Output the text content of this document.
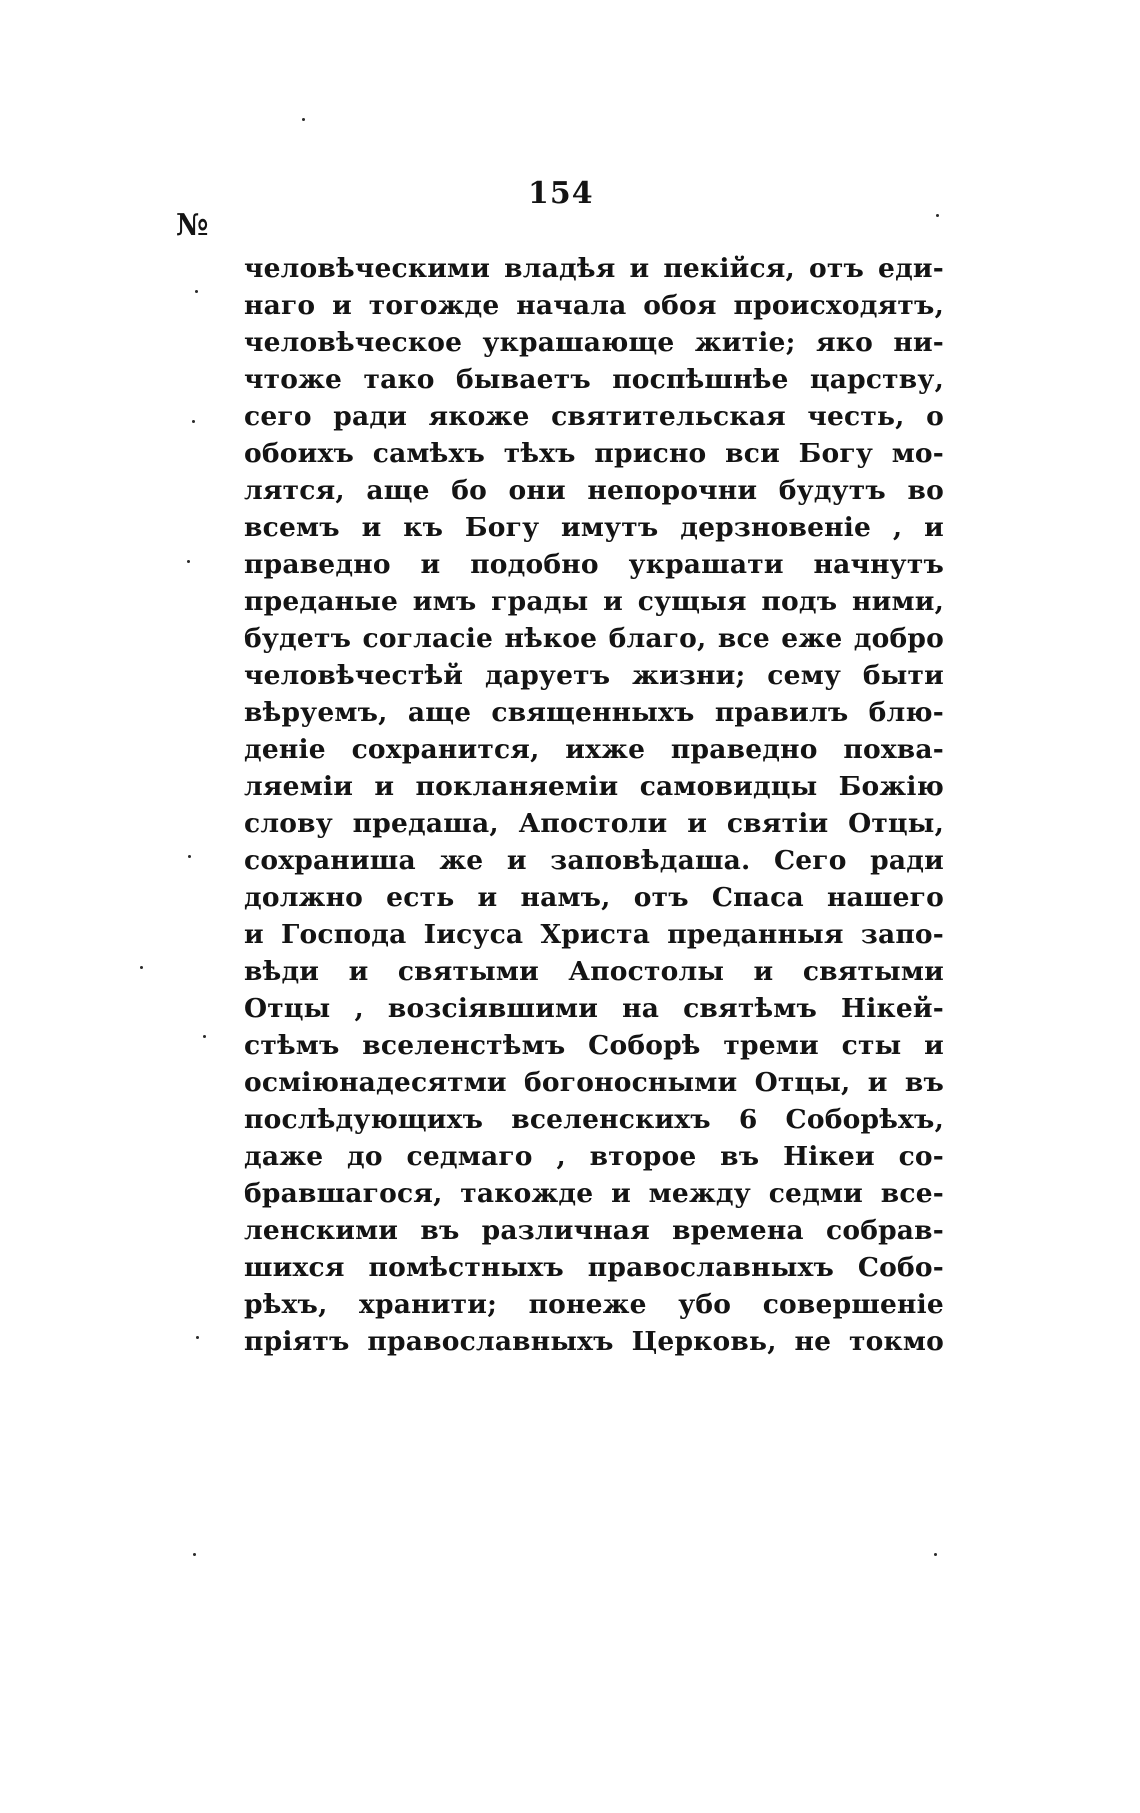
154
№
человѣческими владѣя и пекійся, отъ еди-
наго и тогожде начала обоя происходятъ,
человѣческое украшающе житіе; яко ни-
чтоже тако бываетъ поспѣшнѣе царству,
сего ради якоже святительская честь, о
обоихъ самѣхъ тѣхъ присно вси Богу мо-
лятся, аще бо они непорочни будутъ во
всемъ и къ Богу имутъ дерзновеніе , и
праведно и подобно украшати начнутъ
преданые имъ грады и сущыя подъ ними,
будетъ согласіе нѣкое благо, все еже добро
человѣчестѣй даруетъ жизни; сему быти
вѣруемъ, аще священныхъ правилъ блю-
деніе сохранится, ихже праведно похва-
ляеміи и покланяеміи самовидцы Божію
слову предаша, Апостоли и святіи Отцы,
сохраниша же и заповѣдаша. Сего ради
должно есть и намъ, отъ Спаса нашего
и Господа Іисуса Христа преданныя запо-
вѣди и святыми Апостолы и святыми
Отцы , возсіявшими на святѣмъ Нікей-
стѣмъ вселенстѣмъ Соборѣ треми сты и
осміюнадесятми богоносными Отцы, и въ
послѣдующихъ вселенскихъ 6 Соборѣхъ,
даже до седмаго , второе въ Нікеи со-
бравшагося, такожде и между седми все-
ленскими въ различная времена собрав-
шихся помѣстныхъ православныхъ Собо-
рѣхъ, хранити; понеже убо совершеніе
пріятъ православныхъ Церковь, не токмо
